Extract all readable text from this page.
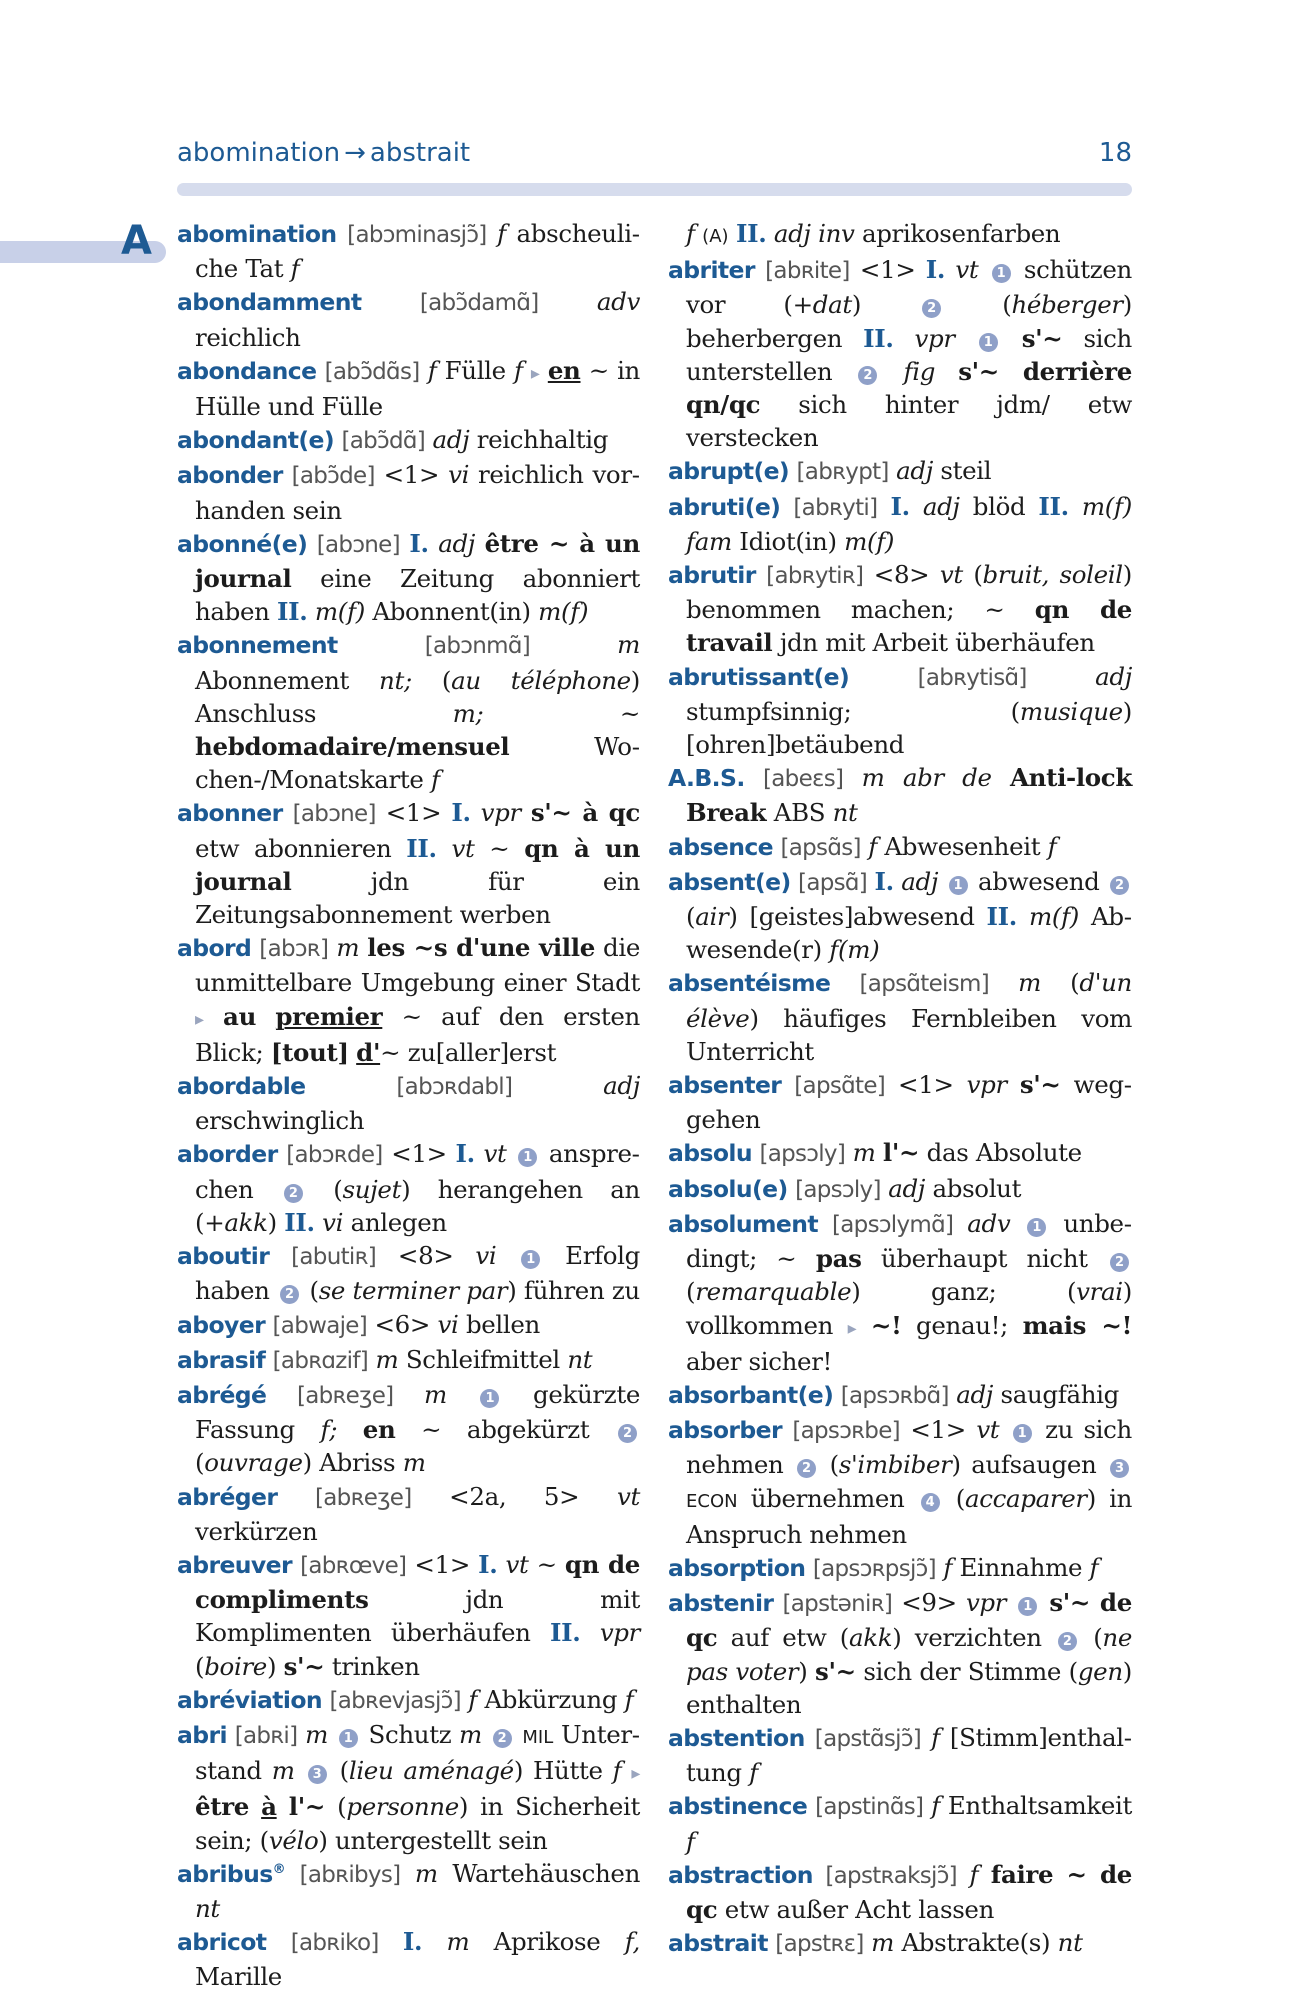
abomination → abstrait	18
A abomination [abɔminasjɔ̃] f abscheuliche Tat f

abondamment	[abɔ̃damɑ̃] adv reichlich

abondance [abɔ̃dɑ̃s] f Fülle f ▸ en ~ in Hülle und Fülle

abondant(e) [abɔ̃dɑ̃] adj reichhaltig

abonder [abɔ̃de] <1> vi reichlich vorhanden sein

abonné(e) [abɔne] I. adj être ~ à un journal eine Zeitung abonniert haben II. m(f) Abonnent(in) m(f)

abonnement	[abɔnmɑ̃]	m Abonnement nt; (au téléphone) Anschluss m; ~ hebdomadaire/mensuel Wochen-/Monatskarte f

abonner [abɔne] <1> I. vpr s'~ à qc etw abonnieren II. vt ~ qn à un journal jdn für ein Zeitungsabonnement werben

abord [abɔʀ] m les ~s d'une ville die unmittelbare Umgebung einer Stadt ▸ au premier ~ auf den ersten Blick; [tout] d'~ zu[aller]erst

abordable	[abɔʀdabl]	adj erschwinglich

aborder [abɔʀde] <1> I. vt 1 ansprechen 2 (sujet) herangehen an (+akk) II. vi anlegen

aboutir [abutiʀ] <8> vi 1 Erfolg haben 2 (se terminer par) führen zu

aboyer [abwaje] <6> vi bellen

abrasif [abʀɑzif] m Schleifmittel nt

abrégé [abʀeʒe] m	1 gekürzte Fassung f; en ~ abgekürzt 2 (ouvrage) Abriss m

abréger [abʀeʒe] <2a, 5> vt verkürzen

abreuver [abʀœve] <1> I. vt ~ qn de compliments jdn mit Komplimenten überhäufen II. vpr (boire) s'~ trinken

abréviation [abʀevjasjɔ̃] f Abkürzung f

abri [abʀi] m 1 Schutz m 2 MIL Unterstand m 3 (lieu aménagé) Hütte f ▸ être à l'~ (personne) in Sicherheit sein; (vélo) untergestellt sein

abribus® [abʀibys] m Wartehäuschen nt

abricot [abʀiko] I. m Aprikose f, Marille

f (A) II. adj inv aprikosenfarben

abriter [abʀite] <1> I. vt 1 schützen vor (+dat) 2 (héberger) beherbergen II. vpr 1 s'~ sich unterstellen 2 fig s'~ derrière qn/qc sich hinter jdm/ etw verstecken

abrupt(e) [abʀypt] adj steil

abruti(e) [abʀyti] I. adj blöd II. m(f) fam Idiot(in) m(f)

abrutir [abʀytiʀ] <8> vt (bruit, soleil) benommen machen; ~ qn de travail jdn mit Arbeit überhäufen

abrutissant(e)	[abʀytisɑ̃]	adj stumpfsinnig; (musique) [ohren]betäubend

A.B.S. [abeɛs] m abr de Anti-lock Break ABS nt

absence [apsɑ̃s] f Abwesenheit f

absent(e) [apsɑ̃] I. adj 1 abwesend 2 (air) [geistes]abwesend II. m(f) Abwesende(r) f(m)

absentéisme [apsɑ̃teism] m (d'un élève) häufiges Fernbleiben vom Unterricht

absenter [apsɑ̃te] <1> vpr s'~ weggehen

absolu [apsɔly] m l'~ das Absolute

absolu(e) [apsɔly] adj absolut

absolument [apsɔlymɑ̃] adv 1 unbedingt; ~ pas überhaupt nicht 2 (remarquable) ganz; (vrai) vollkommen ▸ ~! genau!; mais ~! aber sicher!

absorbant(e) [apsɔʀbɑ̃] adj saugfähig

absorber [apsɔʀbe] <1> vt 1 zu sich nehmen 2 (s'imbiber) aufsaugen 3 ECON übernehmen 4 (accaparer) in Anspruch nehmen

absorption [apsɔʀpsjɔ̃] f Einnahme f

abstenir [apstəniʀ] <9> vpr 1 s'~ de qc auf etw (akk) verzichten 2 (ne pas voter) s'~ sich der Stimme (gen) enthalten

abstention [apstɑ̃sjɔ̃] f [Stimm]enthaltung f

abstinence [apstinɑ̃s] f Enthaltsamkeit f

abstraction [apstʀaksjɔ̃] f faire ~ de qc etw außer Acht lassen

abstrait [apstʀɛ] m Abstrakte(s) nt
